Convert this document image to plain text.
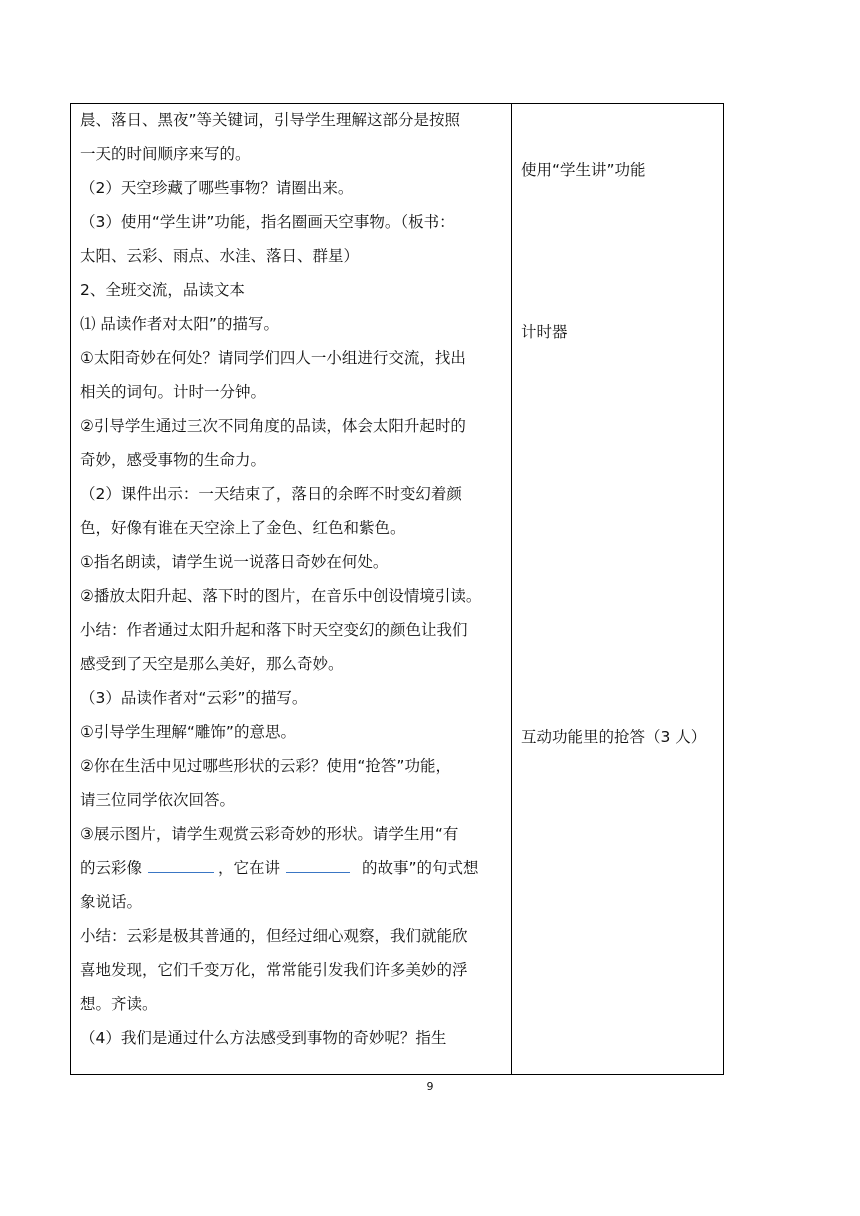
晨、落日、黑夜”等关键词，引导学生理解这部分是按照
一天的时间顺序来写的。
（2）天空珍藏了哪些事物？请圈出来。
（3）使用“学生讲”功能，指名圈画天空事物。（板书：
太阳、云彩、雨点、水洼、落日、群星）
2、全班交流，品读文本
⑴ 品读作者对太阳”的描写。
①太阳奇妙在何处？请同学们四人一小组进行交流，找出
相关的词句。计时一分钟。
②引导学生通过三次不同角度的品读，体会太阳升起时的
奇妙，感受事物的生命力。
（2）课件出示：一天结束了，落日的余晖不时变幻着颜
色，好像有谁在天空涂上了金色、红色和紫色。
①指名朗读，请学生说一说落日奇妙在何处。
②播放太阳升起、落下时的图片，在音乐中创设情境引读。
小结：作者通过太阳升起和落下时天空变幻的颜色让我们
感受到了天空是那么美好，那么奇妙。
（3）品读作者对“云彩”的描写。
①引导学生理解“雕饰”的意思。
②你在生活中见过哪些形状的云彩？使用“抢答”功能，
请三位同学依次回答。
③展示图片，请学生观赏云彩奇妙的形状。请学生用“有
的云彩像	，它在讲	的故事”的句式想
象说话。
小结：云彩是极其普通的，但经过细心观察，我们就能欣
喜地发现，它们千变万化，常常能引发我们许多美妙的浮
想。齐读。
（4）我们是通过什么方法感受到事物的奇妙呢？指生
使用“学生讲”功能
计时器
互动功能里的抢答（3 人）
9
